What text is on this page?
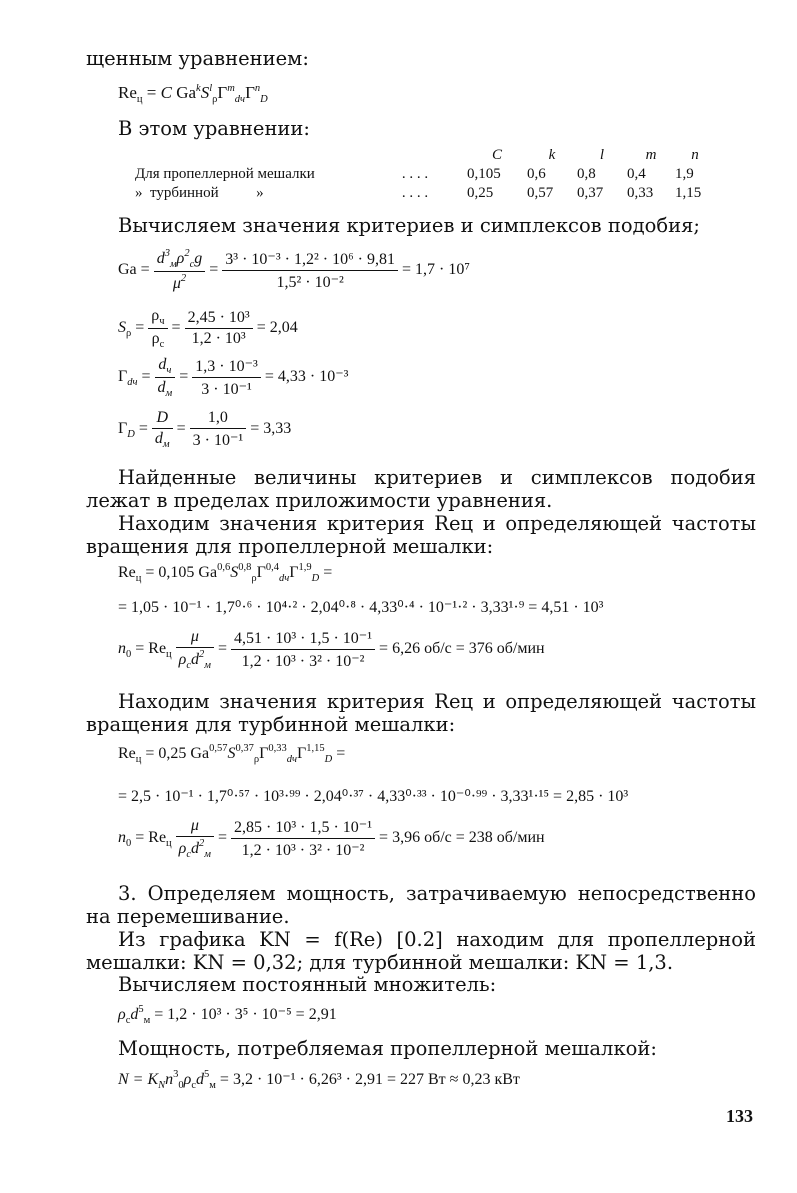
щенным уравнением:
$Re_ц = C$ $Ga^kS^l_\rho Г^m_{dч}Г^n_D$
В этом уравнении:
		C	k	l	m	n
Для пропеллерной мешалки	. . . .	0,105	0,6	0,8	0,4	1,9
»  турбинной          »	. . . .	0,25	0,57	0,37	0,33	1,15
Вычисляем значения критериев и симплексов подобия;
$Ga = \frac{d^3_м\rho^2_сg}{\mu^2} = \frac{\text{3³ · 10⁻³ · 1,2² · 10⁶ · 9,81}}{\text{1,5² · 10⁻²}} = 1,7 \cdot 10^7$
$S_\rho = \frac{\rho_ч}{\rho_с} = \frac{\text{2,45 · 10³}}{\text{1,2 · 10³}} = 2,04$
$Г_{dч} = \frac{d_ч}{d_м} = \frac{\text{1,3 · 10⁻³}}{\text{3 · 10⁻¹}} = 4,33 \cdot 10^{-3}$
$Г_D = \frac{D}{d_м} = \frac{1,0}{\text{3 · 10⁻¹}} = 3,33$
Найденные величины критериев и симплексов подобия лежат в пределах приложимости уравнения.
Находим значения критерия Reц и определяющей частоты вращения для пропеллерной мешалки:
$Re_ц = 0,105$ $Ga^{0,6}S^{0,8}_\rho Г^{0,4}_{dч}Г^{1,9}_D$ =
= 1,05 · 10⁻¹ · 1,7⁰·⁶ · 10⁴·² · 2,04⁰·⁸ · 4,33⁰·⁴ · 10⁻¹·² · 3,33¹·⁹ = 4,51 · 10³
$n_0 = Re_ц \frac{\mu}{\rho_сd^2_м} = \frac{\text{4,51 · 10³ · 1,5 · 10⁻¹}}{\text{1,2 · 10³ · 3² · 10⁻²}} = 6,26$ об/с = 376 об/мин
Находим значения критерия Reц и определяющей частоты вращения для турбинной мешалки:
$Re_ц = 0,25$ $Ga^{0,57}S^{0,37}_\rho Г^{0,33}_{dч}Г^{1,15}_D$ =
= 2,5 · 10⁻¹ · 1,7⁰·⁵⁷ · 10³·⁹⁹ · 2,04⁰·³⁷ · 4,33⁰·³³ · 10⁻⁰·⁹⁹ · 3,33¹·¹⁵ = 2,85 · 10³
$n_0 = Re_ц \frac{\mu}{\rho_сd^2_м} = \frac{\text{2,85 · 10³ · 1,5 · 10⁻¹}}{\text{1,2 · 10³ · 3² · 10⁻²}} = 3,96$ об/с = 238 об/мин
3. Определяем мощность, затрачиваемую непосредственно на перемешивание.
Из графика KN = f(Re) [0.2] находим для пропеллерной мешалки: KN = 0,32; для турбинной мешалки: KN = 1,3.
Вычисляем постоянный множитель:
$\rho_сd^5_м = 1,2 \cdot 10^3 \cdot 3^5 \cdot 10^{-5} = 2,91$
Мощность, потребляемая пропеллерной мешалкой:
$N = K_Nn^3_0\rho_сd^5_м = 3,2 \cdot 10^{-1} \cdot 6,26^3 \cdot 2,91 = 227$ Вт ≈ 0,23 кВт
133
